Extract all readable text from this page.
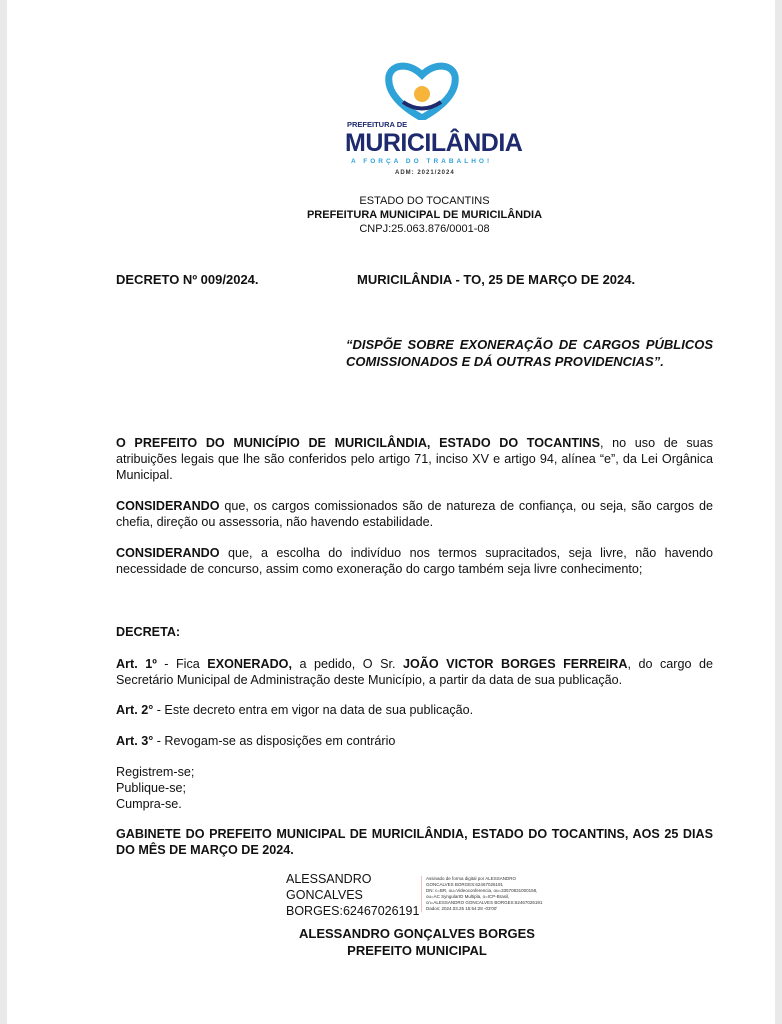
PREFEITURA DE
MURICILÂNDIA
A FORÇA DO TRABALHO!
ADM: 2021/2024
ESTADO DO TOCANTINS
PREFEITURA MUNICIPAL DE MURICILÂNDIA
CNPJ:25.063.876/0001-08
DECRETO Nº 009/2024.	MURICILÂNDIA - TO, 25 DE MARÇO DE 2024.
“DISPÕE SOBRE EXONERAÇÃO DE CARGOS PÚBLICOS COMISSIONADOS E DÁ OUTRAS PROVIDENCIAS”.
O PREFEITO DO MUNICÍPIO DE MURICILÂNDIA, ESTADO DO TOCANTINS, no uso de suas atribuições legais que lhe são conferidos pelo artigo 71, inciso XV e artigo 94, alínea “e”, da Lei Orgânica Municipal.
CONSIDERANDO que, os cargos comissionados são de natureza de confiança, ou seja, são cargos de chefia, direção ou assessoria, não havendo estabilidade.
CONSIDERANDO que, a escolha do indivíduo nos termos supracitados, seja livre, não havendo necessidade de concurso, assim como exoneração do cargo também seja livre conhecimento;
DECRETA:
Art. 1º - Fica EXONERADO, a pedido, O Sr. JOÃO VICTOR BORGES FERREIRA, do cargo de Secretário Municipal de Administração deste Município, a partir da data de sua publicação.
Art. 2° - Este decreto entra em vigor na data de sua publicação.
Art. 3° - Revogam-se as disposições em contrário
Registrem-se;
Publique-se;
Cumpra-se.
GABINETE DO PREFEITO MUNICIPAL DE MURICILÂNDIA, ESTADO DO TOCANTINS, AOS 25 DIAS DO MÊS DE MARÇO DE 2024.
ALESSANDRO
GONCALVES
BORGES:62467026191
Assinado de forma digital por ALESSANDRO
GONCALVES BORGES:62467026191
DN: c=BR, ou=Videoconferencia, ou=33570831000158,
ou=AC SyngularID Multipla, o=ICP-Brasil,
cn=ALESSANDRO GONCALVES BORGES:62467026191
Dados: 2024.03.25 15:54:28 -03'00'
ALESSANDRO GONÇALVES BORGES
PREFEITO MUNICIPAL
